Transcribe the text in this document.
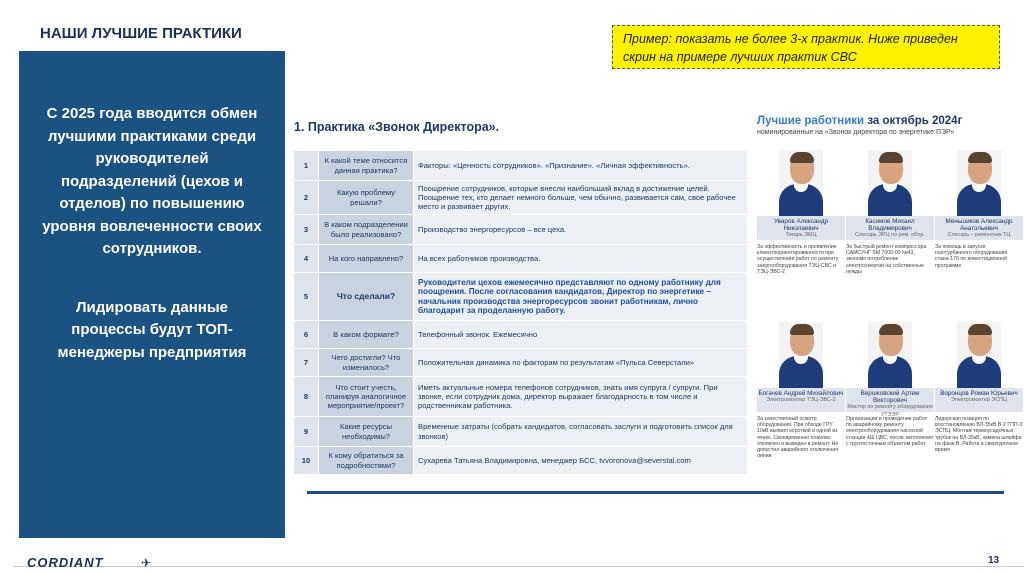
НАШИ ЛУЧШИЕ ПРАКТИКИ	Пример: показать не более 3-х практик. Ниже приведен скрин на примере лучших практик СВС

С 2025 года вводится обмен лучшими практиками среди руководителей подразделений (цехов и отделов) по повышению уровня вовлеченности своих сотрудников.

Лидировать данные процессы будут ТОП-менеджеры предприятия

1. Практика «Звонок Директора».
1	К какой теме относится данная практика?	Факторы: «Ценность сотрудников». «Признание». «Личная эффективность».
2	Какую проблему решали?	Поощрение сотрудников, которые внесли наибольший вклад в достижение целей. Поощрение тех, кто делает немного больше, чем обычно, развивается сам, свое рабочее место и развивает других.
3	В каком подразделении было реализовано?	Производство энергоресурсов – все цеха.
4	На кого направлено?	На всех работников производства.
5	Что сделали?	Руководители цехов ежемесячно представляют по одному работнику для поощрения. После согласования кандидатов, Директор по энергетике – начальник производства энергоресурсов звонит работникам, лично благодарит за проделанную работу.
6	В каком формате?	Телефонный звонок. Ежемесячно
7	Чего достигли? Что изменилось?	Положительная динамика по факторам по результатам «Пульса Северстали»
8	Что стоит учесть, планируя аналогичное мероприятие/проект?	Иметь актуальные номера телефонов сотрудников, знать имя супруга / супруги. При звонке, если сотрудник дома, директор выражает благодарность в том числе и родственникам работника.
9	Какие ресурсы необходимы?	Временные затраты (собрать кандидатов, согласовать заслуги и подготовить список для звонков)
10	К кому обратиться за подробностями?	Сухарева Татьяна Владимировна, менеджер БСС, tvvoronova@severstal.com
Лучшие работники за октябрь 2024г
номинированные на «Звонок директора по энергетике ПЭР»
Уваров Александр Николаевич
Токарь ЭМЦ
За эффективность и проявление клиентоориентированности при осуществлении работ по ремонту энергооборудования ТЭЦ-СВС и ТЭЦ-ЭВС-2
Касимов Михаил Владимирович
Слесарь ЭРЦ по рем. обор.
За быстрый ремонт компрессора САМСУНГ SM 7000-00 №43, экономя потребление электроэнергии на собственные нужды
Меньшиков Александр Анатольевич
Слесарь – ремонтник ТЦ
За помощь в запуске газотурбинного оборудования стана-170 по инвестиционной программе
Богачев Андрей Михайлович
Электромонтер ТЭЦ-ЭВС-2
За качественный осмотр оборудования. При обходе ГРУ 10кВ выявил короткий в одной из ячеек. Своевременно планово отключен и выведен в ремонт. Не допустил аварийного отключения линии
Вершковский Артем Викторович
Мастер по ремонту оборудования УТЭЭР
Организация и проведение работ по аварийному ремонту электрооборудования насосной станции 4Ш ЦВС, после затопления с грунтосточным объектом работ
Воронцов Роман Юрьевич
Электромонтер ЭСПЦ
Лидерская позиция по восстановлению ВЛ-35кВ В-2 ГПП-3 ЭСПЦ. Монтаж термоусадочных трубок на ВЛ-35кВ, замена шлейфа на фазе В. Работа в сверхурочное время
CORDIANT	✈	13
